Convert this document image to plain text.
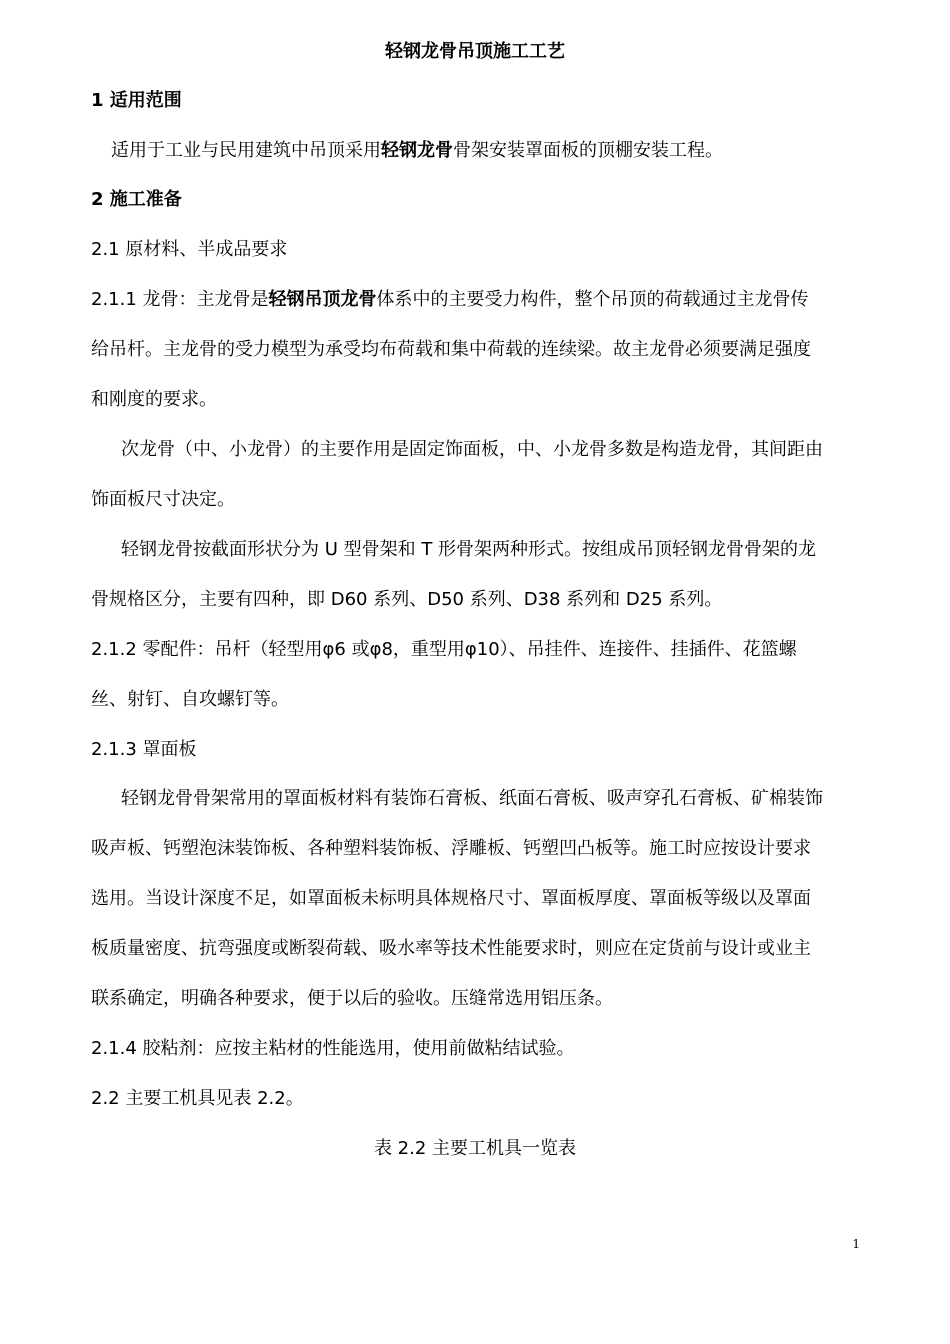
轻钢龙骨吊顶施工工艺
1 适用范围
适用于工业与民用建筑中吊顶采用轻钢龙骨骨架安装罩面板的顶棚安装工程。
2 施工准备
2.1 原材料、半成品要求
2.1.1 龙骨：主龙骨是轻钢吊顶龙骨体系中的主要受力构件，整个吊顶的荷载通过主龙骨传
给吊杆。主龙骨的受力模型为承受均布荷载和集中荷载的连续梁。故主龙骨必须要满足强度
和刚度的要求。
次龙骨（中、小龙骨）的主要作用是固定饰面板，中、小龙骨多数是构造龙骨，其间距由
饰面板尺寸决定。
轻钢龙骨按截面形状分为 U 型骨架和 T 形骨架两种形式。按组成吊顶轻钢龙骨骨架的龙
骨规格区分，主要有四种，即 D60 系列、D50 系列、D38 系列和 D25 系列。
2.1.2 零配件：吊杆（轻型用φ6 或φ8，重型用φ10）、吊挂件、连接件、挂插件、花篮螺
丝、射钉、自攻螺钉等。
2.1.3 罩面板
轻钢龙骨骨架常用的罩面板材料有装饰石膏板、纸面石膏板、吸声穿孔石膏板、矿棉装饰
吸声板、钙塑泡沫装饰板、各种塑料装饰板、浮雕板、钙塑凹凸板等。施工时应按设计要求
选用。当设计深度不足，如罩面板未标明具体规格尺寸、罩面板厚度、罩面板等级以及罩面
板质量密度、抗弯强度或断裂荷载、吸水率等技术性能要求时，则应在定货前与设计或业主
联系确定，明确各种要求，便于以后的验收。压缝常选用铝压条。
2.1.4 胶粘剂：应按主粘材的性能选用，使用前做粘结试验。
2.2 主要工机具见表 2.2。
表 2.2 主要工机具一览表
1
